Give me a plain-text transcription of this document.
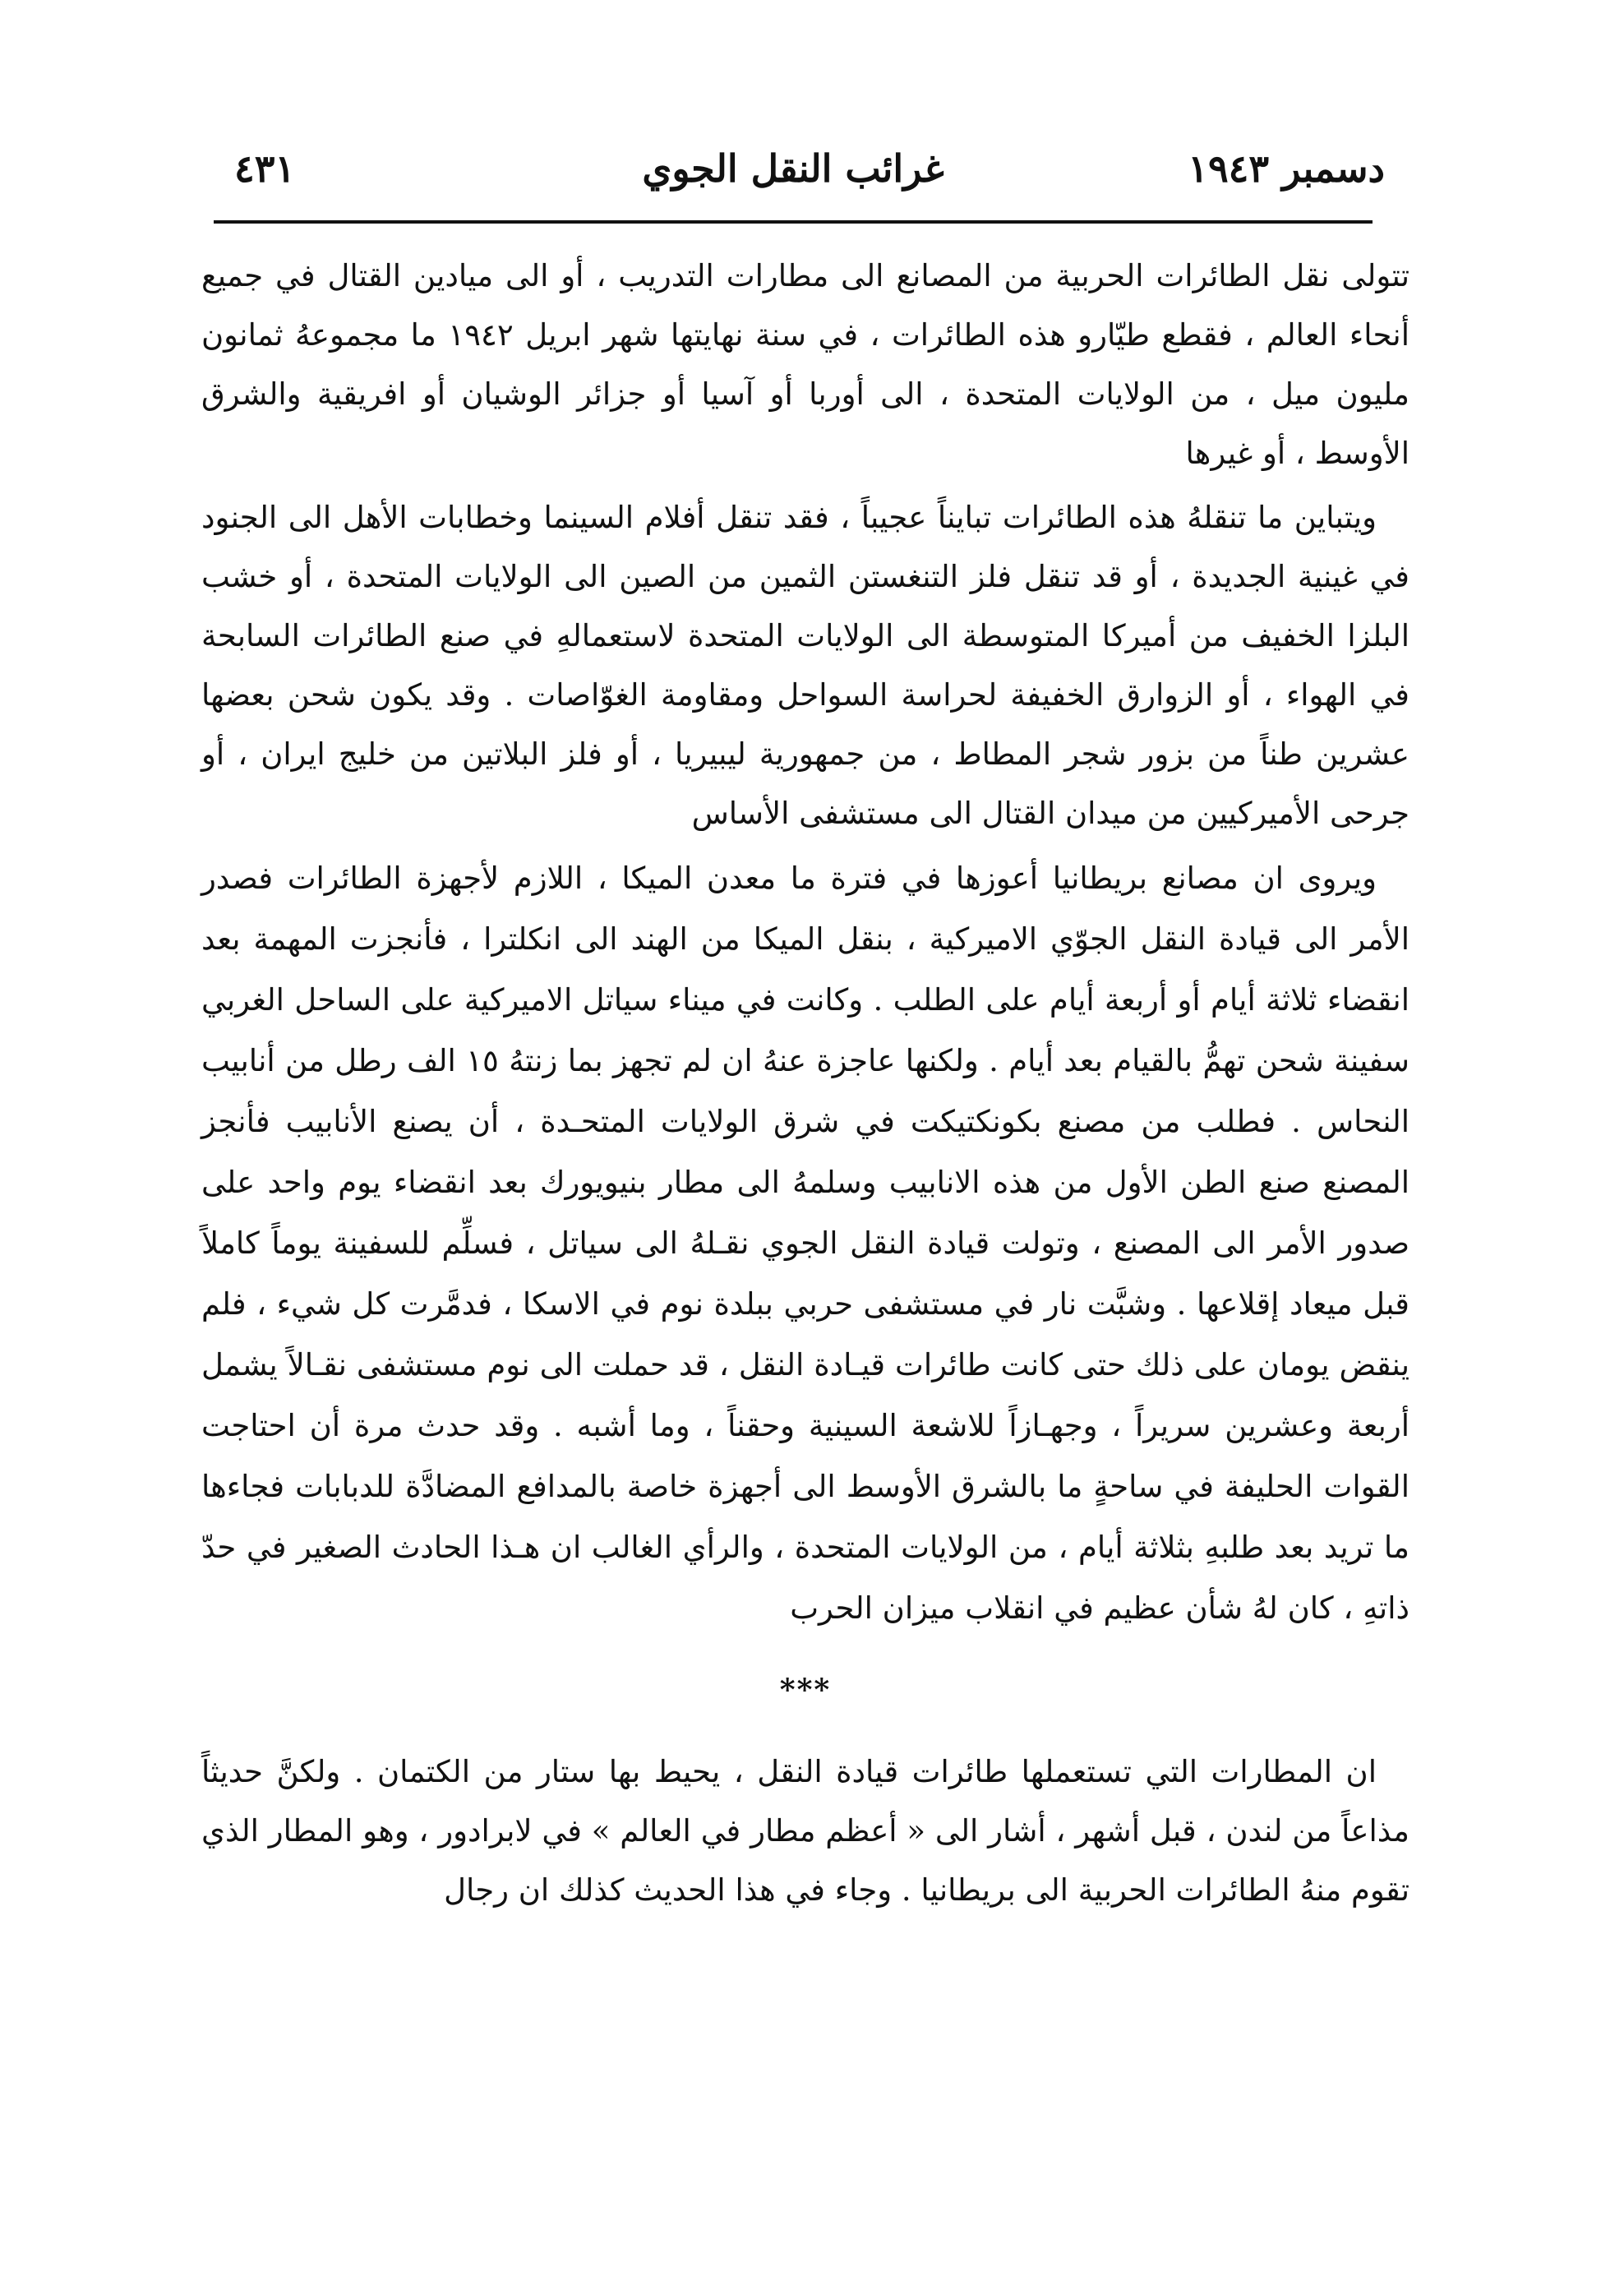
دسمبر ١٩٤٣
غرائب النقل الجوي
٤٣١

تتولى نقل الطائرات الحربية من المصانع الى مطارات التدريب ، أو الى ميادين القتال في جميع أنحاء العالم ، فقطع طيّارو هذه الطائرات ، في سنة نهايتها شهر ابريل ١٩٤٢ ما مجموعهُ ثمانون مليون ميل ، من الولايات المتحدة ، الى أوربا أو آسيا أو جزائر الوشيان أو افريقية والشرق الأوسط ، أو غيرها

ويتباين ما تنقلهُ هذه الطائرات تبايناً عجيباً ، فقد تنقل أفلام السينما وخطابات الأهل الى الجنود في غينية الجديدة ، أو قد تنقل فلز التنغستن الثمين من الصين الى الولايات المتحدة ، أو خشب البلزا الخفيف من أميركا المتوسطة الى الولايات المتحدة لاستعمالهِ في صنع الطائرات السابحة في الهواء ، أو الزوارق الخفيفة لحراسة السواحل ومقاومة الغوّاصات . وقد يكون شحن بعضها عشرين طناً من بزور شجر المطاط ، من جمهورية ليبيريا ، أو فلز البلاتين من خليج ايران ، أو جرحى الأميركيين من ميدان القتال الى مستشفى الأساس

ويروى ان مصانع بريطانيا أعوزها في فترة ما معدن الميكا ، اللازم لأجهزة الطائرات فصدر الأمر الى قيادة النقل الجوّي الاميركية ، بنقل الميكا من الهند الى انكلترا ، فأنجزت المهمة بعد انقضاء ثلاثة أيام أو أربعة أيام على الطلب . وكانت في ميناء سياتل الاميركية على الساحل الغربي سفينة شحن تهمُّ بالقيام بعد أيام . ولكنها عاجزة عنهُ ان لم تجهز بما زنتهُ ١٥ الف رطل من أنابيب النحاس . فطلب من مصنع بكونكتيكت في شرق الولايات المتحـدة ، أن يصنع الأنابيب فأنجز المصنع صنع الطن الأول من هذه الانابيب وسلمهُ الى مطار بنيويورك بعد انقضاء يوم واحد على صدور الأمر الى المصنع ، وتولت قيادة النقل الجوي نقـلهُ الى سياتل ، فسلِّم للسفينة يوماً كاملاً قبل ميعاد إقلاعها . وشبَّت نار في مستشفى حربي ببلدة نوم في الاسكا ، فدمَّرت كل شيء ، فلم ينقض يومان على ذلك حتى كانت طائرات قيـادة النقل ، قد حملت الى نوم مستشفى نقـالاً يشمل أربعة وعشرين سريراً ، وجهـازاً للاشعة السينية وحقناً ، وما أشبه . وقد حدث مرة أن احتاجت القوات الحليفة في ساحةٍ ما بالشرق الأوسط الى أجهزة خاصة بالمدافع المضادَّة للدبابات فجاءها ما تريد بعد طلبهِ بثلاثة أيام ، من الولايات المتحدة ، والرأي الغالب ان هـذا الحادث الصغير في حدّ ذاتهِ ، كان لهُ شأن عظيم في انقلاب ميزان الحرب

***

ان المطارات التي تستعملها طائرات قيادة النقل ، يحيط بها ستار من الكتمان . ولكنَّ حديثاً مذاعاً من لندن ، قبل أشهر ، أشار الى « أعظم مطار في العالم » في لابرادور ، وهو المطار الذي تقوم منهُ الطائرات الحربية الى بريطانيا . وجاء في هذا الحديث كذلك ان رجال
